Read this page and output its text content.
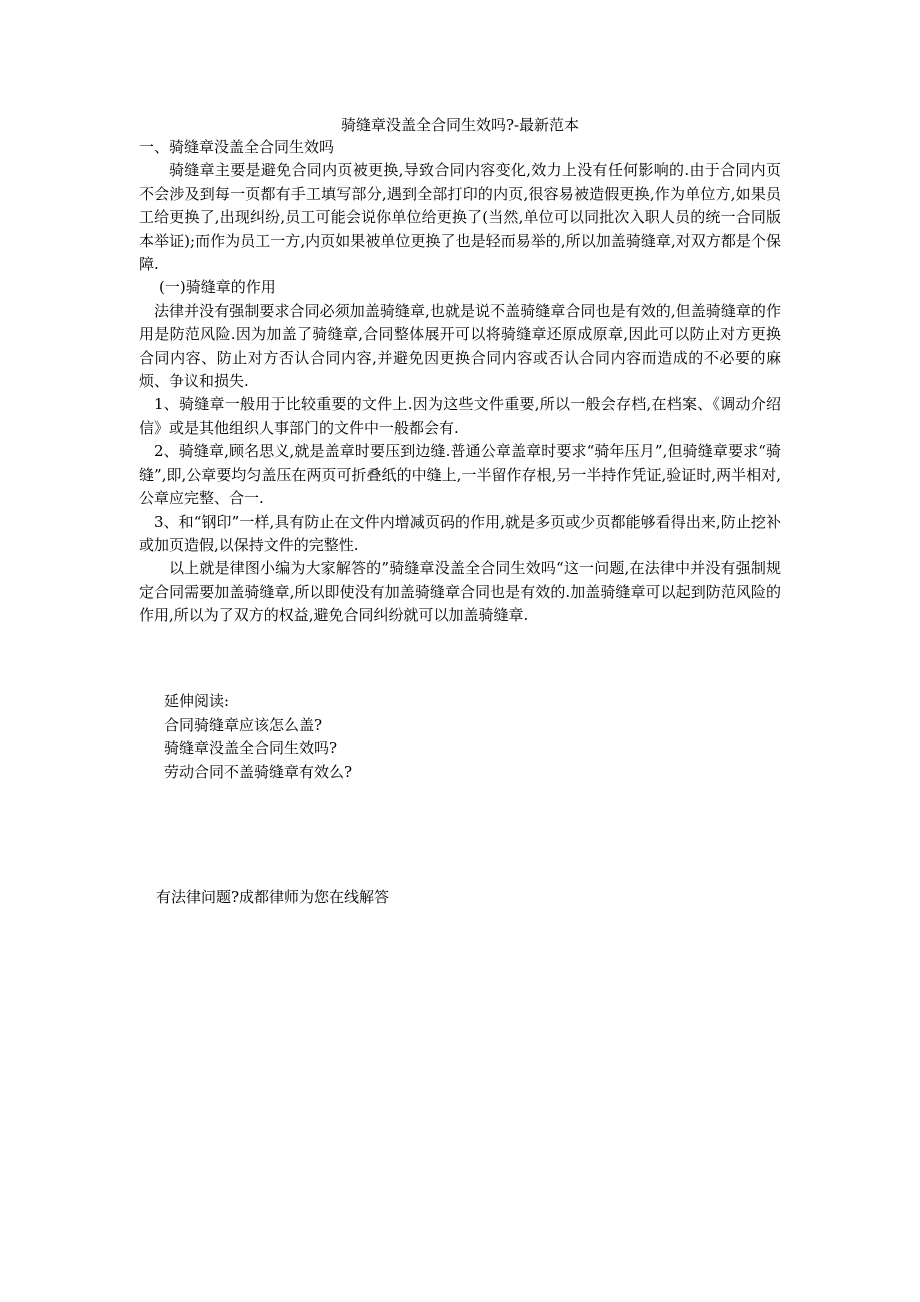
骑缝章没盖全合同生效吗?-最新范本

一、骑缝章没盖全合同生效吗

骑缝章主要是避免合同内页被更换,导致合同内容变化,效力上没有任何影响的.由于合同内页不会涉及到每一页都有手工填写部分,遇到全部打印的内页,很容易被造假更换,作为单位方,如果员工给更换了,出现纠纷,员工可能会说你单位给更换了(当然,单位可以同批次入职人员的统一合同版本举证);而作为员工一方,内页如果被单位更换了也是轻而易举的,所以加盖骑缝章,对双方都是个保障.

(一)骑缝章的作用

法律并没有强制要求合同必须加盖骑缝章,也就是说不盖骑缝章合同也是有效的,但盖骑缝章的作用是防范风险.因为加盖了骑缝章,合同整体展开可以将骑缝章还原成原章,因此可以防止对方更换合同内容、防止对方否认合同内容,并避免因更换合同内容或否认合同内容而造成的不必要的麻烦、争议和损失.

1、骑缝章一般用于比较重要的文件上.因为这些文件重要,所以一般会存档,在档案、《调动介绍信》或是其他组织人事部门的文件中一般都会有.

2、骑缝章,顾名思义,就是盖章时要压到边缝.普通公章盖章时要求“骑年压月”,但骑缝章要求“骑缝”,即,公章要均匀盖压在两页可折叠纸的中缝上,一半留作存根,另一半持作凭证,验证时,两半相对,公章应完整、合一.

3、和“钢印”一样,具有防止在文件内增减页码的作用,就是多页或少页都能够看得出来,防止挖补或加页造假,以保持文件的完整性.

以上就是律图小编为大家解答的”骑缝章没盖全合同生效吗“这一问题,在法律中并没有强制规定合同需要加盖骑缝章,所以即使没有加盖骑缝章合同也是有效的.加盖骑缝章可以起到防范风险的作用,所以为了双方的权益,避免合同纠纷就可以加盖骑缝章.

延伸阅读:
合同骑缝章应该怎么盖?
骑缝章没盖全合同生效吗?
劳动合同不盖骑缝章有效么?
有法律问题?成都律师为您在线解答
